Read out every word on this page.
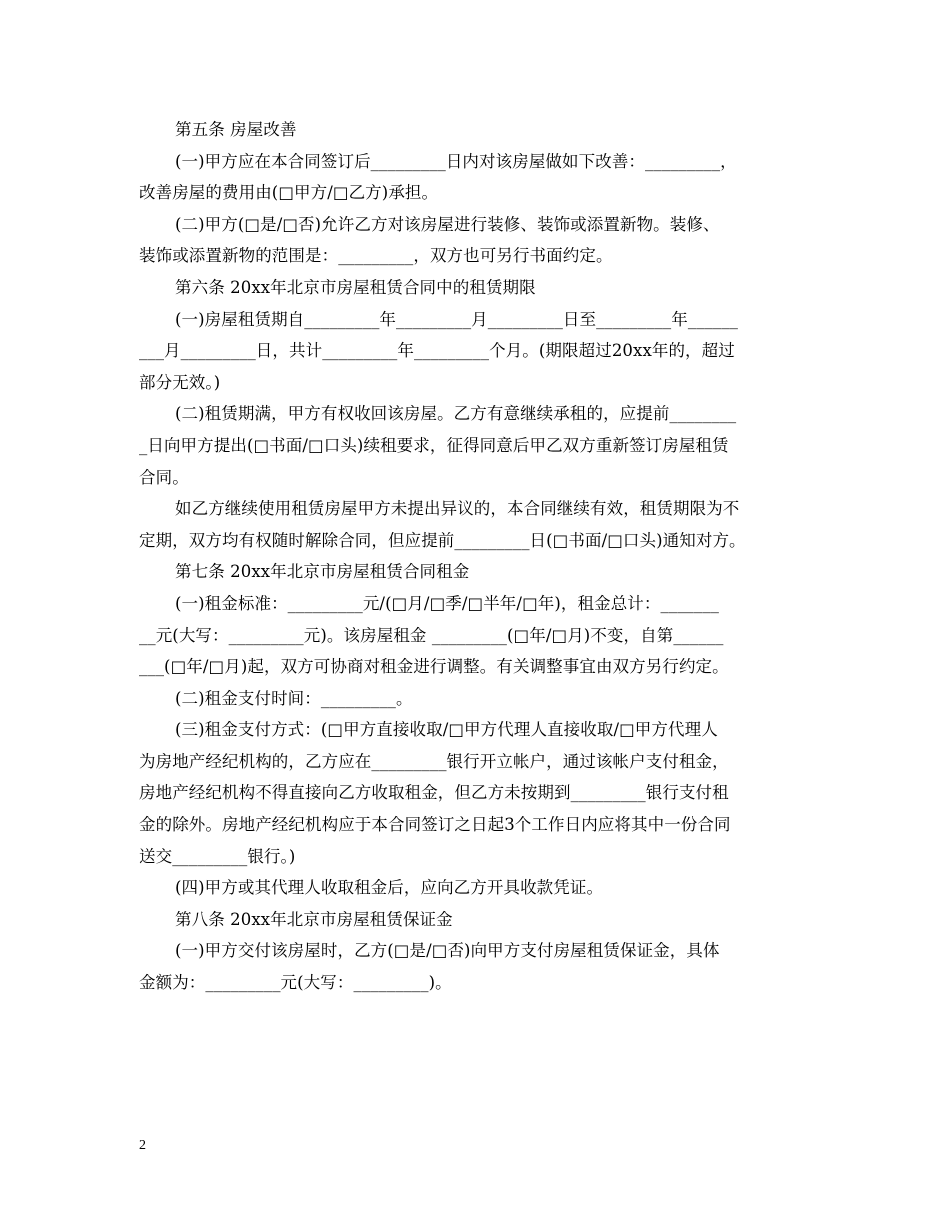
第五条 房屋改善
(一)甲方应在本合同签订后_________日内对该房屋做如下改善：_________，
改善房屋的费用由(□甲方/□乙方)承担。
(二)甲方(□是/□否)允许乙方对该房屋进行装修、装饰或添置新物。装修、
装饰或添置新物的范围是：_________，双方也可另行书面约定。
第六条 20xx年北京市房屋租赁合同中的租赁期限
(一)房屋租赁期自_________年_________月_________日至_________年______
___月_________日，共计_________年_________个月。(期限超过20xx年的，超过
部分无效。)
(二)租赁期满，甲方有权收回该房屋。乙方有意继续承租的，应提前________
_日向甲方提出(□书面/□口头)续租要求，征得同意后甲乙双方重新签订房屋租赁
合同。
如乙方继续使用租赁房屋甲方未提出异议的，本合同继续有效，租赁期限为不
定期，双方均有权随时解除合同，但应提前_________日(□书面/□口头)通知对方。
第七条 20xx年北京市房屋租赁合同租金
(一)租金标准：_________元/(□月/□季/□半年/□年)，租金总计：_______
__元(大写：_________元)。该房屋租金 _________(□年/□月)不变，自第______
___(□年/□月)起，双方可协商对租金进行调整。有关调整事宜由双方另行约定。
(二)租金支付时间：_________。
(三)租金支付方式：(□甲方直接收取/□甲方代理人直接收取/□甲方代理人
为房地产经纪机构的，乙方应在_________银行开立帐户，通过该帐户支付租金，
房地产经纪机构不得直接向乙方收取租金，但乙方未按期到_________银行支付租
金的除外。房地产经纪机构应于本合同签订之日起3个工作日内应将其中一份合同
送交_________银行。)
(四)甲方或其代理人收取租金后，应向乙方开具收款凭证。
第八条 20xx年北京市房屋租赁保证金
(一)甲方交付该房屋时，乙方(□是/□否)向甲方支付房屋租赁保证金，具体
金额为：_________元(大写：_________)。
2
